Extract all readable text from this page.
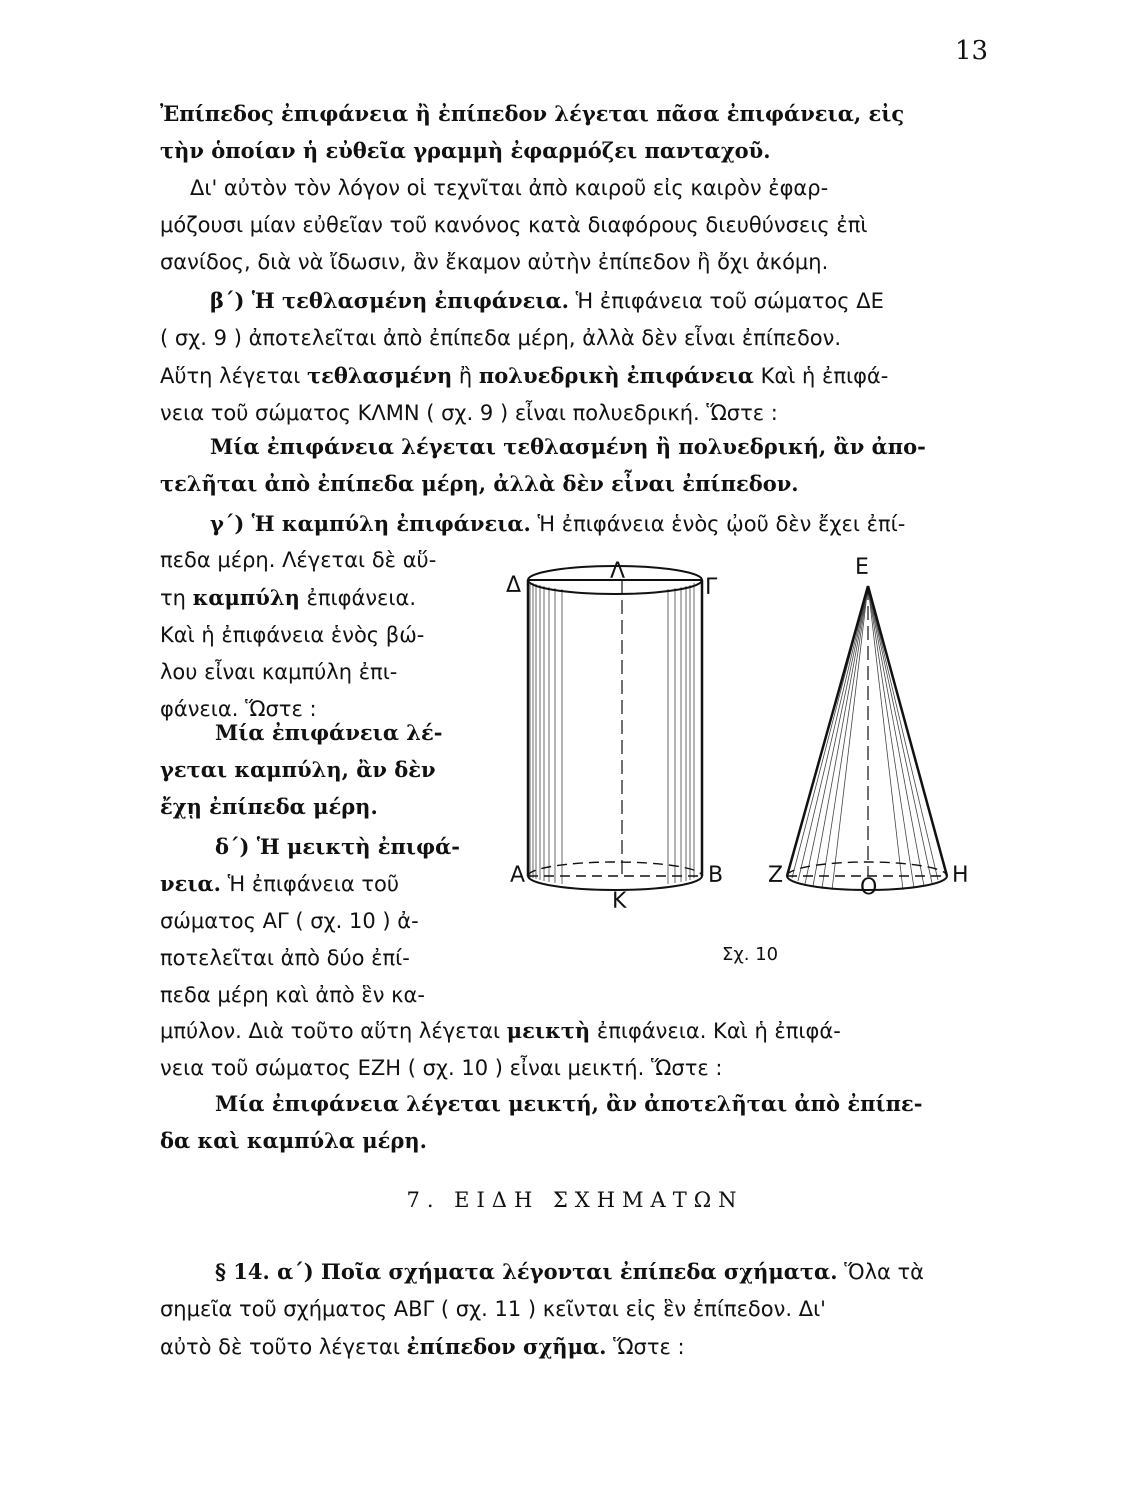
13
Ἐπίπεδος ἐπιφάνεια ἢ ἐπίπεδον λέγεται πᾶσα ἐπιφάνεια, εἰς
τὴν ὁποίαν ἡ εὐθεῖα γραμμὴ ἐφαρμόζει πανταχοῦ.
Δι' αὐτὸν τὸν λόγον οἱ τεχνῖται ἀπὸ καιροῦ εἰς καιρὸν ἐφαρ-
μόζουσι μίαν εὐθεῖαν τοῦ κανόνος κατὰ διαφόρους διευθύνσεις ἐπὶ
σανίδος, διὰ νὰ ἴδωσιν, ἂν ἔκαμον αὐτὴν ἐπίπεδον ἢ ὄχι ἀκόμη.
β΄) Ἡ τεθλασμένη ἐπιφάνεια. Ἡ ἐπιφάνεια τοῦ σώματος ΔΕ
( σχ. 9 ) ἀποτελεῖται ἀπὸ ἐπίπεδα μέρη, ἀλλὰ δὲν εἶναι ἐπίπεδον.
Αὕτη λέγεται τεθλασμένη ἢ πολυεδρικὴ ἐπιφάνεια Καὶ ἡ ἐπιφά-
νεια τοῦ σώματος ΚΛΜΝ ( σχ. 9 ) εἶναι πολυεδρική. Ὥστε :
Μία ἐπιφάνεια λέγεται τεθλασμένη ἢ πολυεδρική, ἂν ἀπο-
τελῆται ἀπὸ ἐπίπεδα μέρη, ἀλλὰ δὲν εἶναι ἐπίπεδον.
γ΄) Ἡ καμπύλη ἐπιφάνεια. Ἡ ἐπιφάνεια ἑνὸς ᾠοῦ δὲν ἔχει ἐπί-
πεδα μέρη. Λέγεται δὲ αὕ-
τη καμπύλη ἐπιφάνεια.
Καὶ ἡ ἐπιφάνεια ἑνὸς βώ-
λου εἶναι καμπύλη ἐπι-
φάνεια. Ὥστε :
Μία ἐπιφάνεια λέ-
γεται καμπύλη, ἂν δὲν
ἔχῃ ἐπίπεδα μέρη.
δ΄) Ἡ μεικτὴ ἐπιφά-
νεια. Ἡ ἐπιφάνεια τοῦ
σώματος ΑΓ ( σχ. 10 ) ἀ-
ποτελεῖται ἀπὸ δύο ἐπί-
πεδα μέρη καὶ ἀπὸ ἓν κα-
μπύλον. Διὰ τοῦτο αὕτη λέγεται μεικτὴ ἐπιφάνεια. Καὶ ἡ ἐπιφά-
νεια τοῦ σώματος ΕΖΗ ( σχ. 10 ) εἶναι μεικτή. Ὥστε :
Μία ἐπιφάνεια λέγεται μεικτή, ἂν ἀποτελῆται ἀπὸ ἐπίπε-
δα καὶ καμπύλα μέρη.
7. ΕΙΔΗ ΣΧΗΜΑΤΩΝ
§ 14. α΄) Ποῖα σχήματα λέγονται ἐπίπεδα σχήματα. Ὅλα τὰ
σημεῖα τοῦ σχήματος ΑΒΓ ( σχ. 11 ) κεῖνται εἰς ἓν ἐπίπεδον. Δι'
αὐτὸ δὲ τοῦτο λέγεται ἐπίπεδον σχῆμα. Ὥστε :
Δ
Λ
Γ
Ε
Α
Κ
Β Ζ	Ο	Η
Σχ. 10
